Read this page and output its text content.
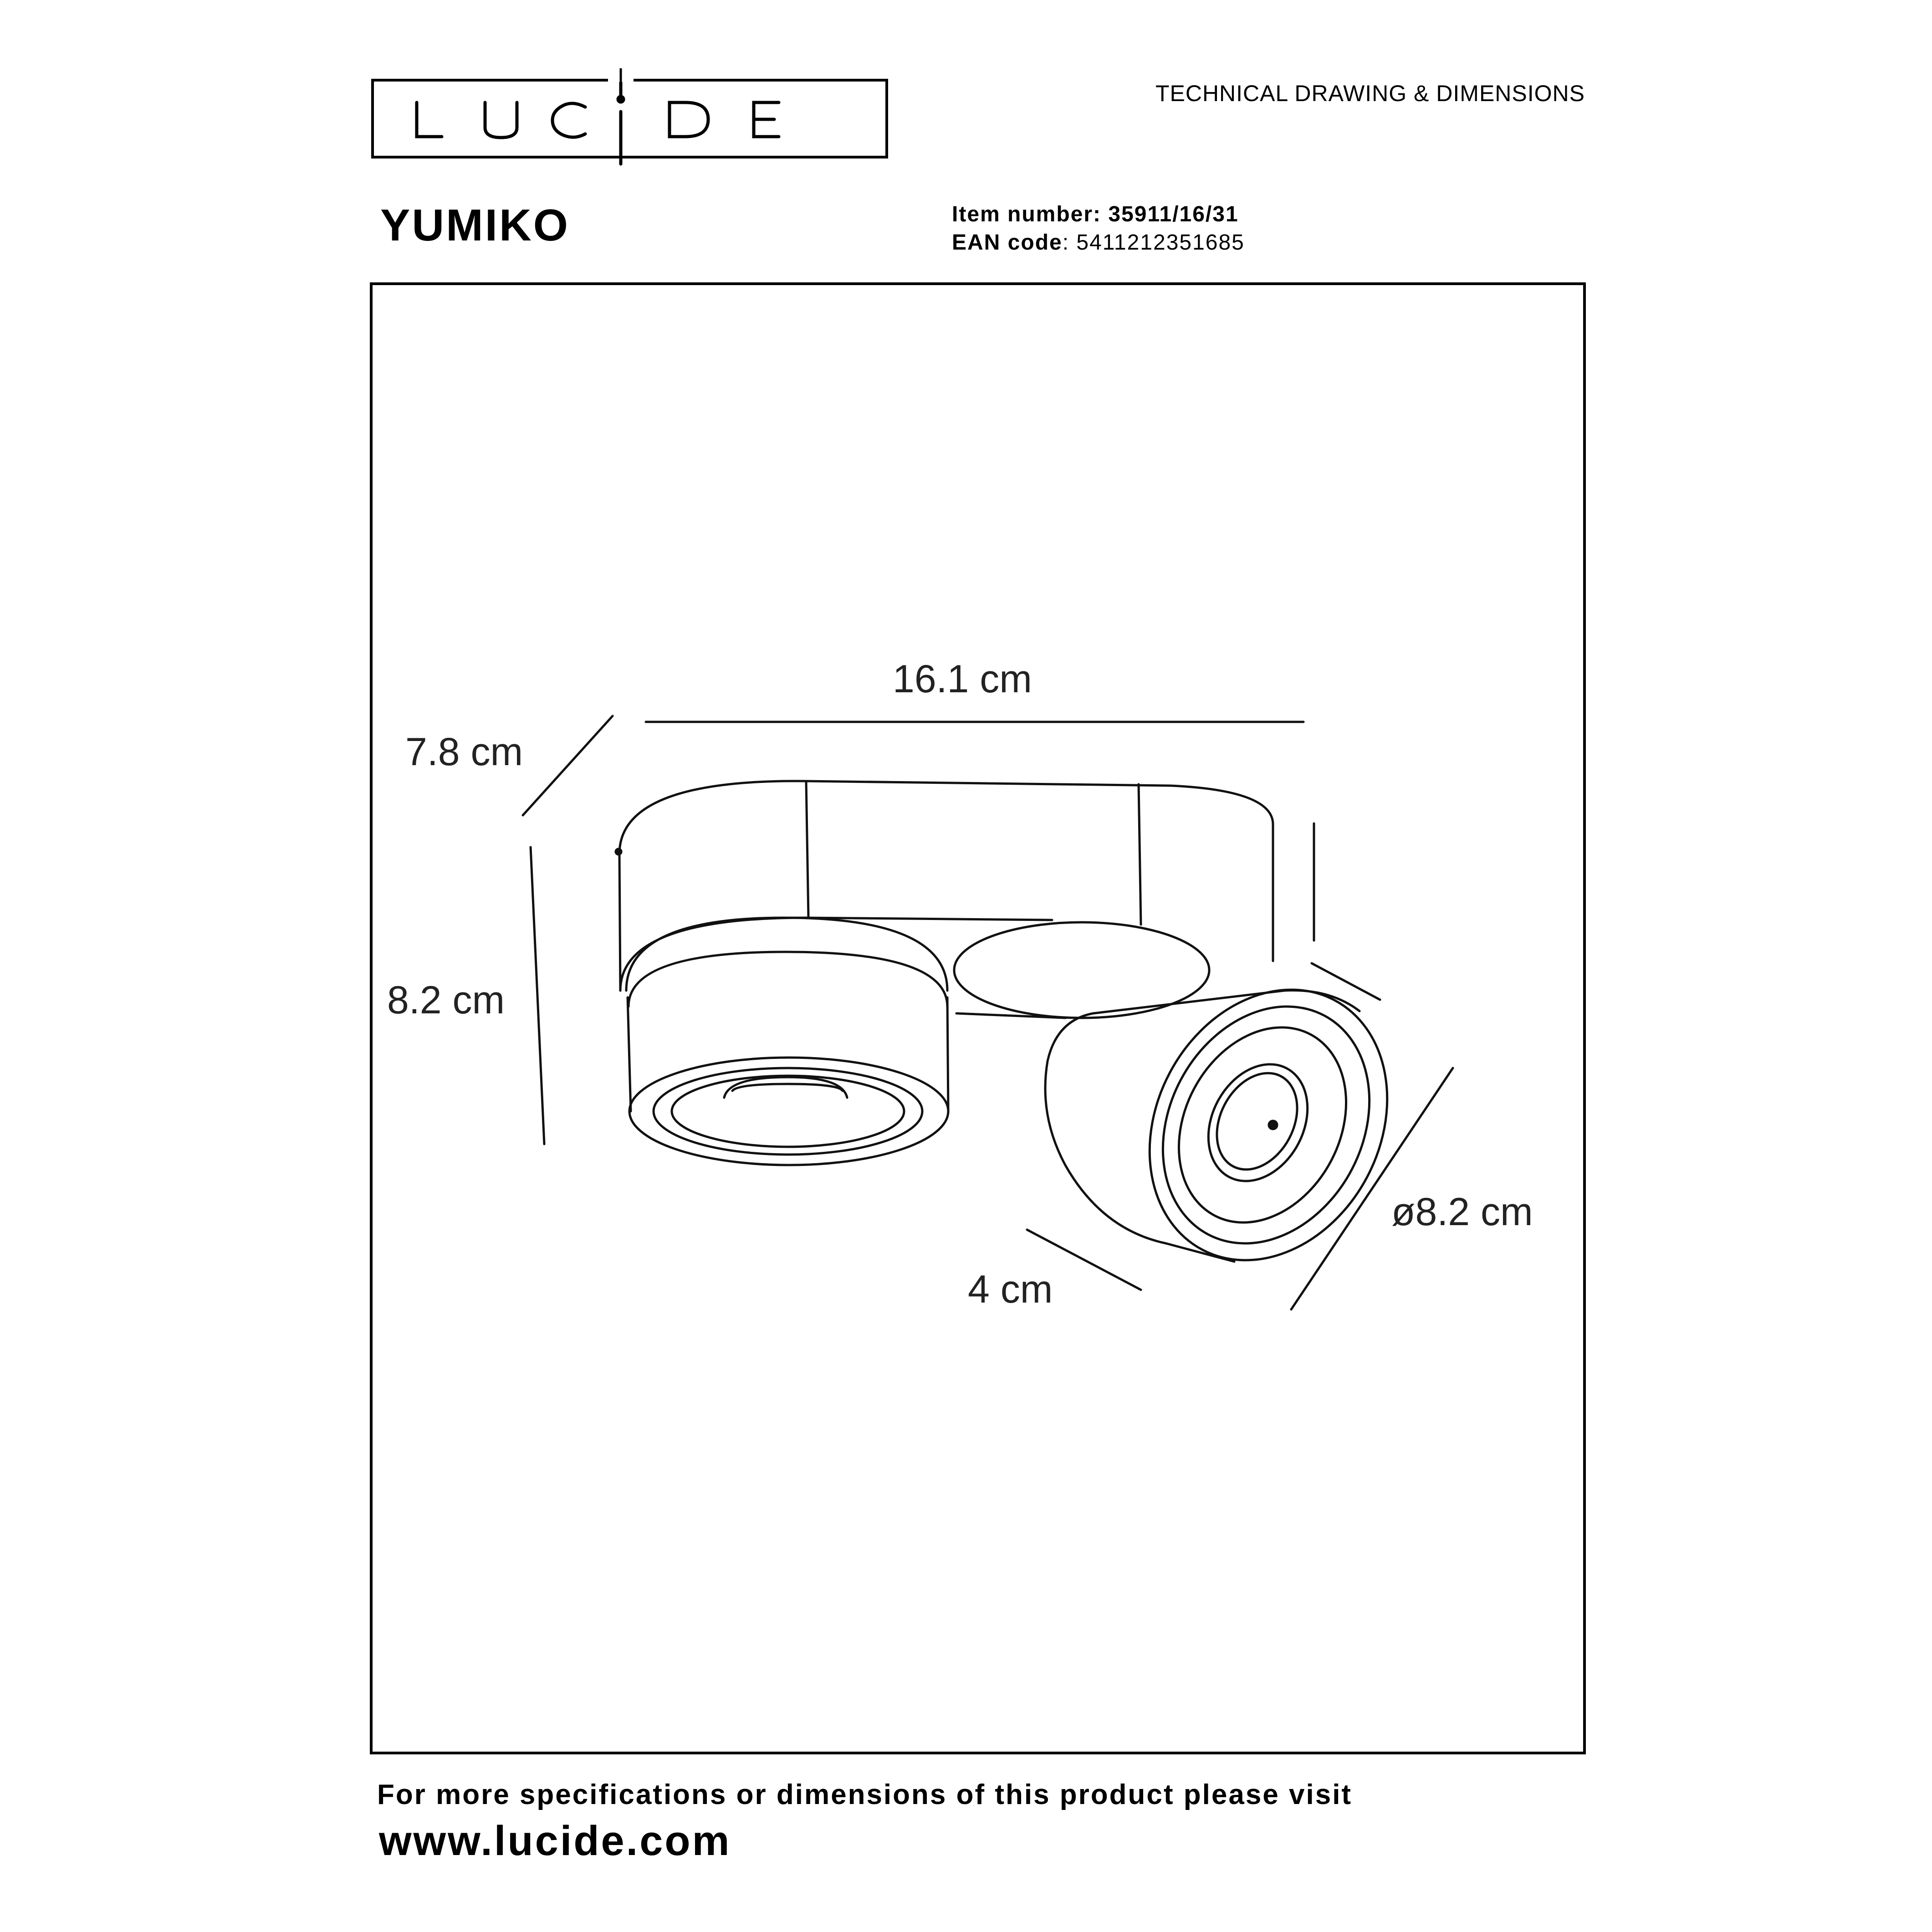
TECHNICAL DRAWING & DIMENSIONS
YUMIKO	Item number: 35911/16/31
EAN code: 5411212351685
16.1 cm
7.8 cm
8.2 cm
4 cm
ø8.2 cm
For more specifications or dimensions of this product please visit
www.lucide.com
